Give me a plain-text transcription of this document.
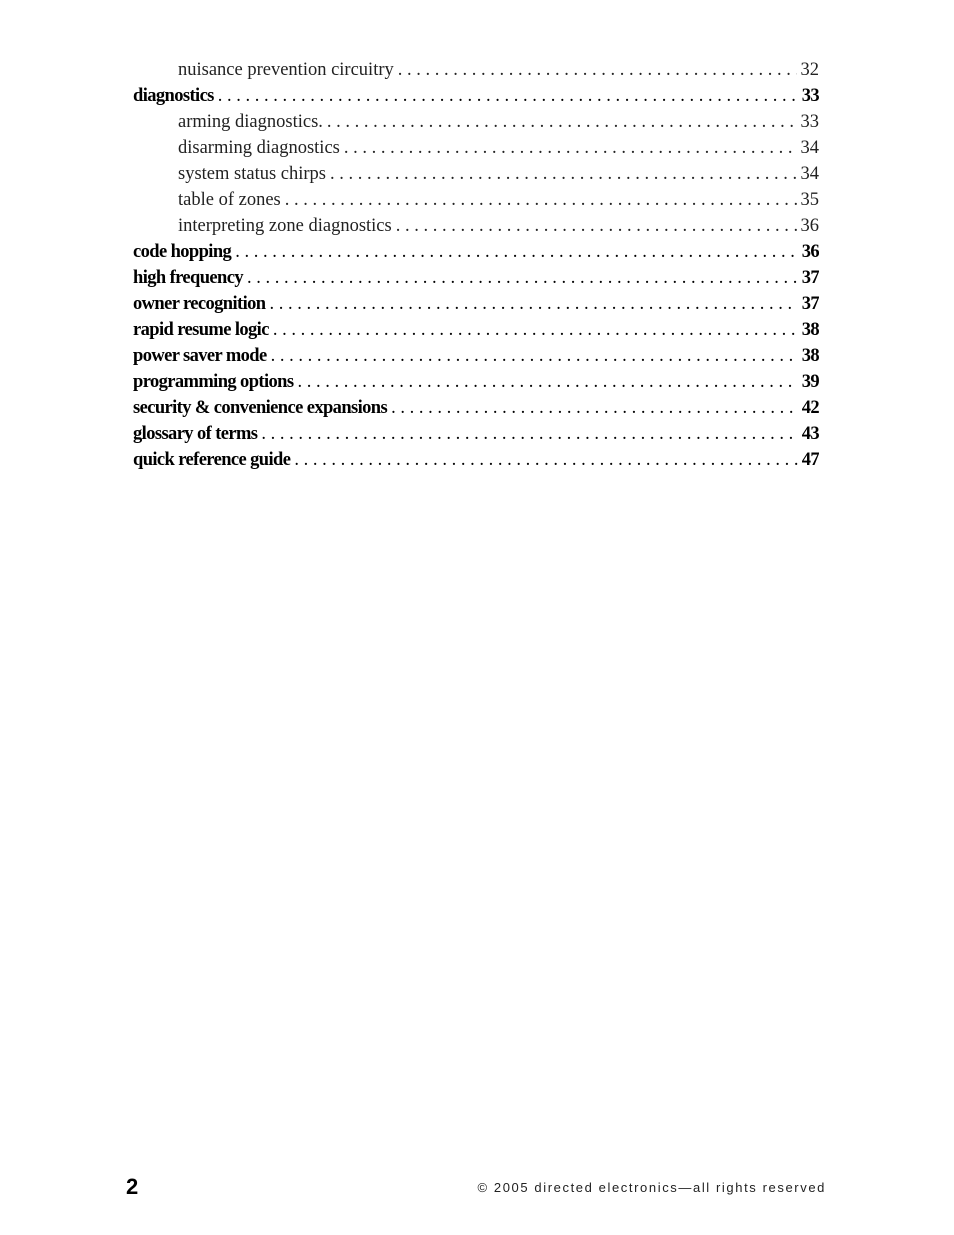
nuisance prevention circuitry . . .	32
diagnostics . . .	33
arming diagnostics. . . .	33
disarming diagnostics . . .	34
system status chirps . . .	34
table of zones . . .	35
interpreting zone diagnostics . . .	36
code hopping . . .	36
high frequency . . .	37
owner recognition . . .	37
rapid resume logic . . .	38
power saver mode . . .	38
programming options . . .	39
security & convenience expansions . . .	42
glossary of terms . . .	43
quick reference guide . . .	47
2	© 2005 directed electronics—all rights reserved
